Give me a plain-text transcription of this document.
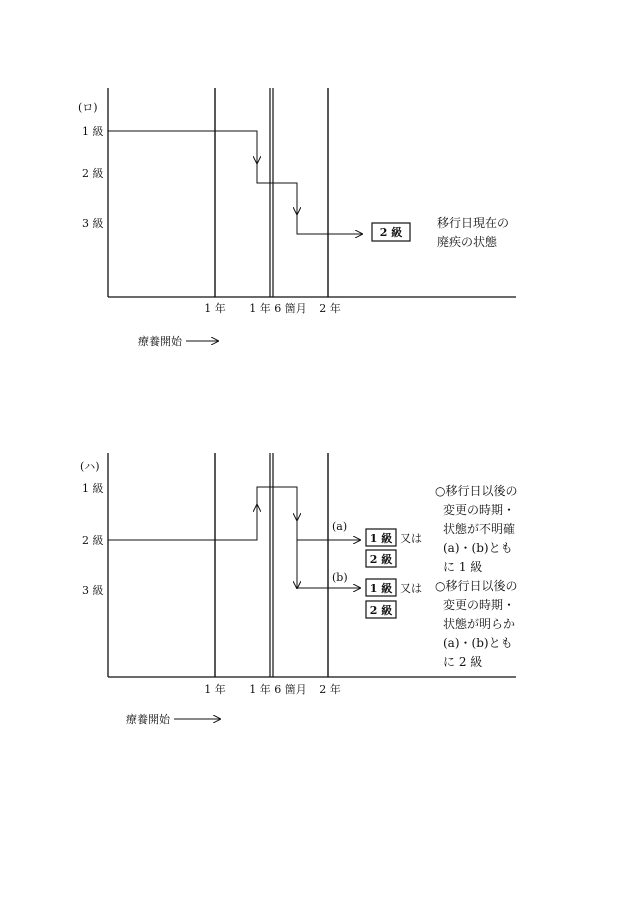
(ロ)
1 級
2 級
3 級
2 級
移行日現在の
廃疾の状態
1 年 1 年 6 箇月 2 年
療養開始
(ハ)
1 級
2 級
3 級
(a)
(b)
1 級 又は
2 級
1 級 又は
2 級
○移行日以後の
変更の時期・
状態が不明確
(a)・(b)とも
に 1 級
○移行日以後の
変更の時期・
状態が明らか
(a)・(b)とも
に 2 級
1 年 1 年 6 箇月 2 年
療養開始
